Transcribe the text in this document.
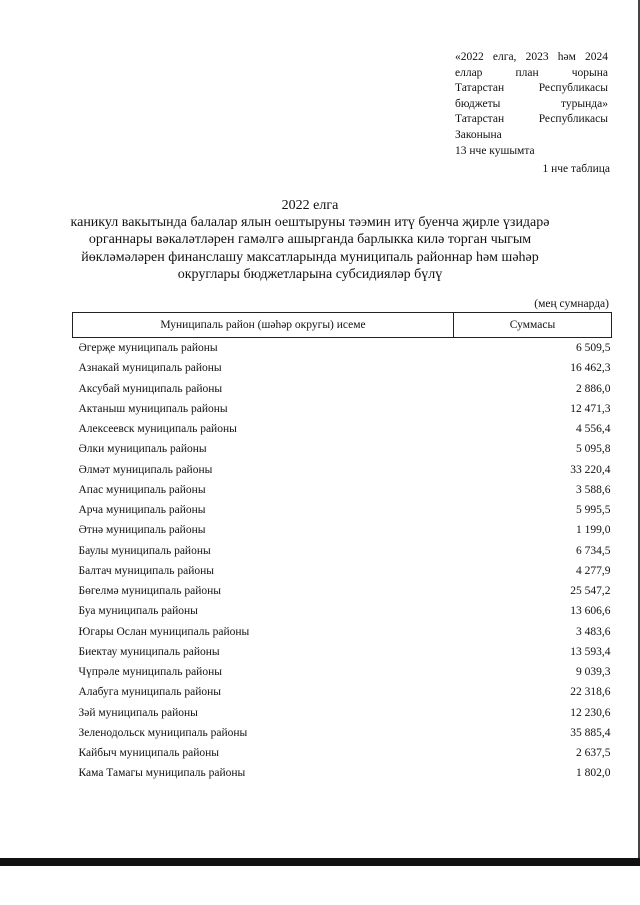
«2022 елга, 2023 һәм 2024
еллар план чорына
Татарстан Республикасы
бюджеты турында»
Татарстан Республикасы
Законына
13 нче кушымта
1 нче таблица
2022 елга
каникул вакытында балалар ялын оештыруны тәэмин итү буенча җирле үзидарә
органнары вәкаләтләрен гамәлгә ашырганда барлыкка килә торган чыгым
йөкләмәләрен финанслашу максатларында муниципаль районнар һәм шәһәр
округлары бюджетларына субсидияләр бүлү
(мең сумнарда)
Муниципаль район (шәһәр округы) исеме	Суммасы
Әгерҗе муниципаль районы	6 509,5
Азнакай муниципаль районы	16 462,3
Аксубай муниципаль районы	2 886,0
Актаныш муниципаль районы	12 471,3
Алексеевск муниципаль районы	4 556,4
Әлки муниципаль районы	5 095,8
Әлмәт муниципаль районы	33 220,4
Апас муниципаль районы	3 588,6
Арча муниципаль районы	5 995,5
Әтнә муниципаль районы	1 199,0
Баулы муниципаль районы	6 734,5
Балтач муниципаль районы	4 277,9
Бөгелмә муниципаль районы	25 547,2
Буа муниципаль районы	13 606,6
Югары Ослан муниципаль районы	3 483,6
Биектау муниципаль районы	13 593,4
Чүпрәле муниципаль районы	9 039,3
Алабуга муниципаль районы	22 318,6
Зәй муниципаль районы	12 230,6
Зеленодольск муниципаль районы	35 885,4
Кайбыч муниципаль районы	2 637,5
Кама Тамагы муниципаль районы	1 802,0
